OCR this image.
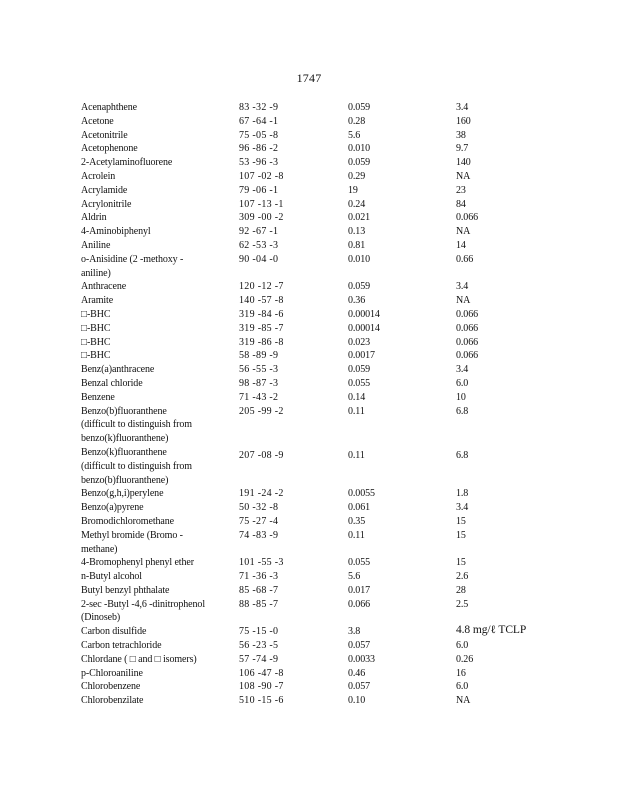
1747
Acenaphthene	83 -32 -9	0.059	3.4
Acetone	67 -64 -1	0.28	160
Acetonitrile	75 -05 -8	5.6	38
Acetophenone	96 -86 -2	0.010	9.7
2-Acetylaminofluorene	53 -96 -3	0.059	140
Acrolein	107 -02 -8	0.29	NA
Acrylamide	79 -06 -1	19	23
Acrylonitrile	107 -13 -1	0.24	84
Aldrin	309 -00 -2	0.021	0.066
4-Aminobiphenyl	92 -67 -1	0.13	NA
Aniline	62 -53 -3	0.81	14
o-Anisidine (2 -methoxy -
aniline)
90 -04 -0	0.010	0.66
Anthracene	120 -12 -7	0.059	3.4
Aramite	140 -57 -8	0.36	NA
□-BHC	319 -84 -6	0.00014	0.066
□-BHC	319 -85 -7	0.00014	0.066
□-BHC	319 -86 -8	0.023	0.066
□-BHC	58 -89 -9	0.0017	0.066
Benz(a)anthracene	56 -55 -3	0.059	3.4
Benzal chloride	98 -87 -3	0.055	6.0
Benzene	71 -43 -2	0.14	10
Benzo(b)fluoranthene
(difficult to distinguish from
benzo(k)fluoranthene)
205 -99 -2	0.11	6.8
Benzo(k)fluoranthene
(difficult to distinguish from
benzo(b)fluoranthene)
207 -08 -9	0.11	6.8
Benzo(g,h,i)perylene	191 -24 -2	0.0055	1.8
Benzo(a)pyrene	50 -32 -8	0.061	3.4
Bromodichloromethane	75 -27 -4	0.35	15
Methyl bromide (Bromo -
methane)
74 -83 -9	0.11	15
4-Bromophenyl phenyl ether	101 -55 -3	0.055	15
n-Butyl alcohol	71 -36 -3	5.6	2.6
Butyl benzyl phthalate	85 -68 -7	0.017	28
2-sec -Butyl -4,6 -dinitrophenol
(Dinoseb)
88 -85 -7	0.066	2.5
Carbon disulfide	75 -15 -0	3.8	4.8 mg/ℓ TCLP
Carbon tetrachloride	56 -23 -5	0.057	6.0
Chlordane ( □ and □ isomers)	57 -74 -9	0.0033	0.26
p-Chloroaniline	106 -47 -8	0.46	16
Chlorobenzene	108 -90 -7	0.057	6.0
Chlorobenzilate	510 -15 -6	0.10	NA
